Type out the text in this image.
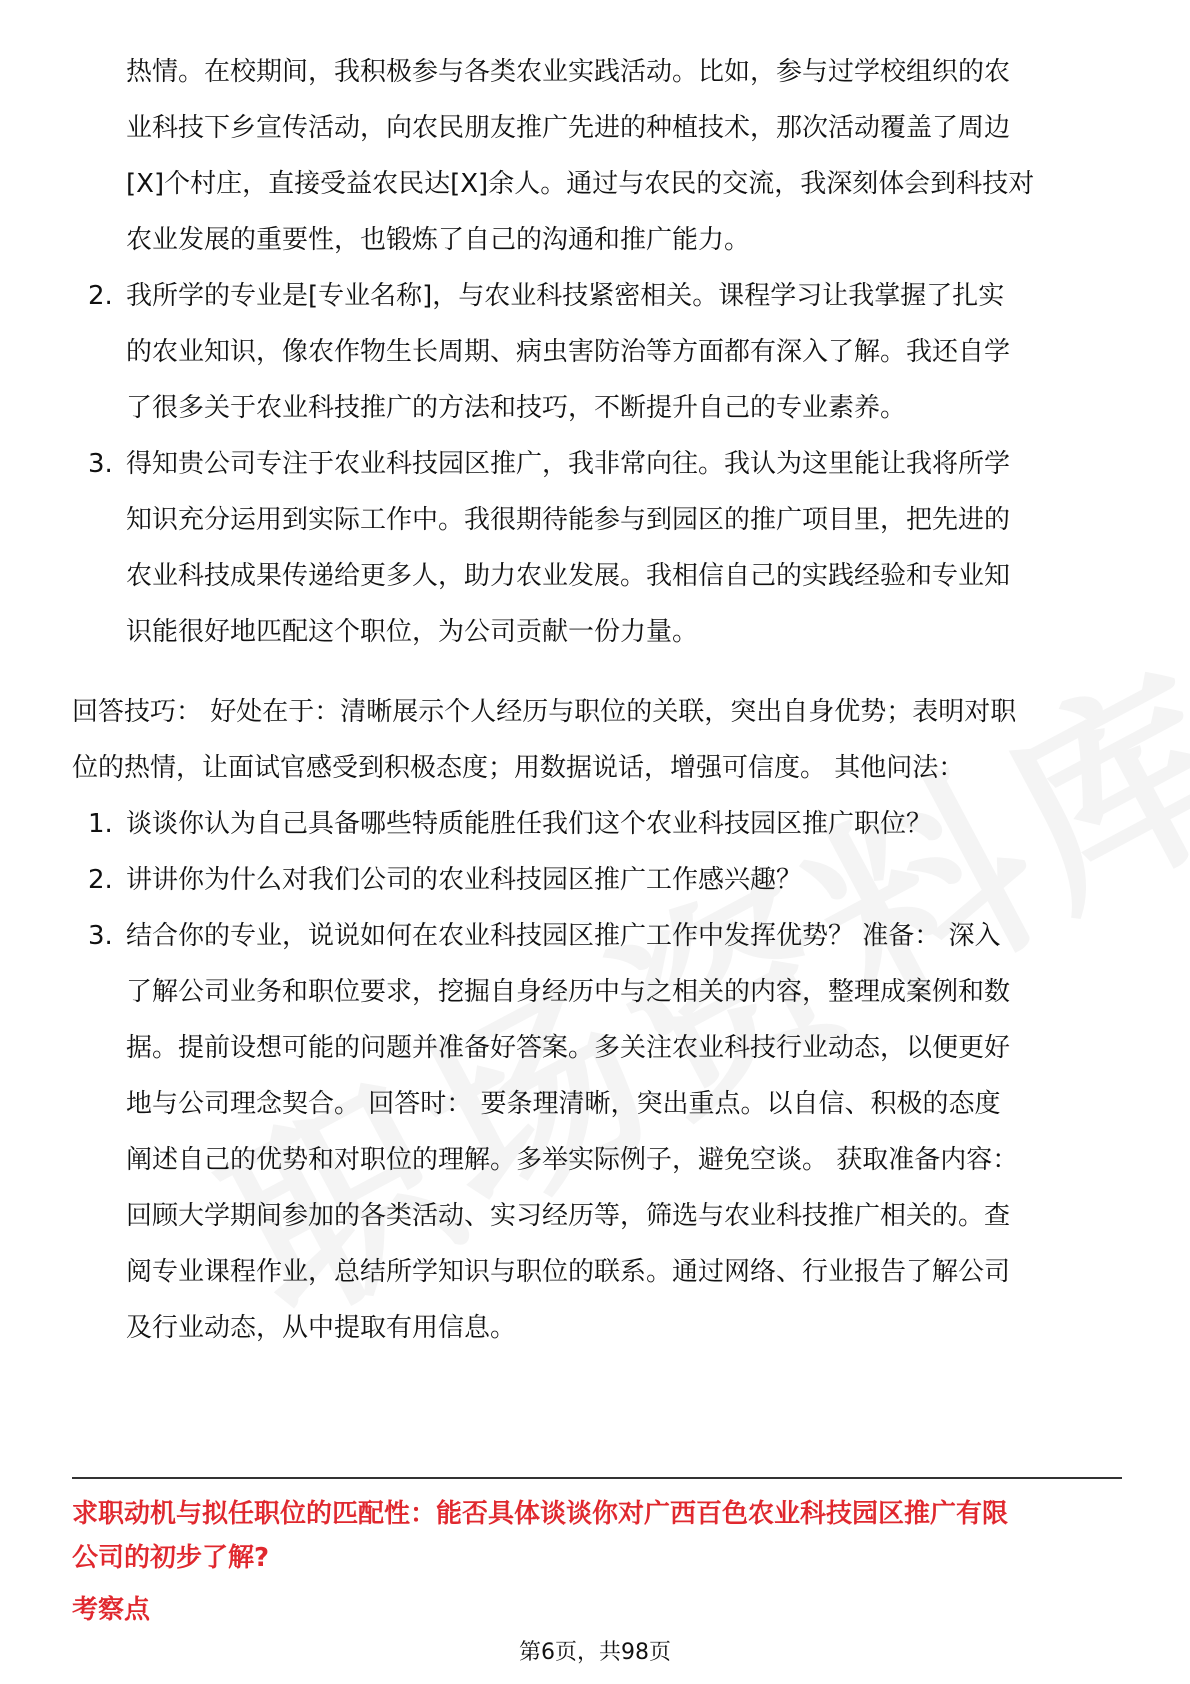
热情。在校期间，我积极参与各类农业实践活动。比如，参与过学校组织的农
业科技下乡宣传活动，向农民朋友推广先进的种植技术，那次活动覆盖了周边
[X]个村庄，直接受益农民达[X]余人。通过与农民的交流，我深刻体会到科技对
农业发展的重要性，也锻炼了自己的沟通和推广能力。
2. 我所学的专业是[专业名称]，与农业科技紧密相关。课程学习让我掌握了扎实
的农业知识，像农作物生长周期、病虫害防治等方面都有深入了解。我还自学
了很多关于农业科技推广的方法和技巧，不断提升自己的专业素养。
3. 得知贵公司专注于农业科技园区推广，我非常向往。我认为这里能让我将所学
知识充分运用到实际工作中。我很期待能参与到园区的推广项目里，把先进的
农业科技成果传递给更多人，助力农业发展。我相信自己的实践经验和专业知
识能很好地匹配这个职位，为公司贡献一份力量。
回答技巧： 好处在于：清晰展示个人经历与职位的关联，突出自身优势；表明对职
位的热情，让面试官感受到积极态度；用数据说话，增强可信度。 其他问法：
1. 谈谈你认为自己具备哪些特质能胜任我们这个农业科技园区推广职位？
2. 讲讲你为什么对我们公司的农业科技园区推广工作感兴趣？
3. 结合你的专业，说说如何在农业科技园区推广工作中发挥优势？ 准备： 深入
了解公司业务和职位要求，挖掘自身经历中与之相关的内容，整理成案例和数
据。提前设想可能的问题并准备好答案。多关注农业科技行业动态，以便更好
地与公司理念契合。 回答时： 要条理清晰，突出重点。以自信、积极的态度
阐述自己的优势和对职位的理解。多举实际例子，避免空谈。 获取准备内容：
回顾大学期间参加的各类活动、实习经历等，筛选与农业科技推广相关的。查
阅专业课程作业，总结所学知识与职位的联系。通过网络、行业报告了解公司
及行业动态，从中提取有用信息。
求职动机与拟任职位的匹配性：能否具体谈谈你对广西百色农业科技园区推广有限
公司的初步了解?
考察点
第6页，共98页
